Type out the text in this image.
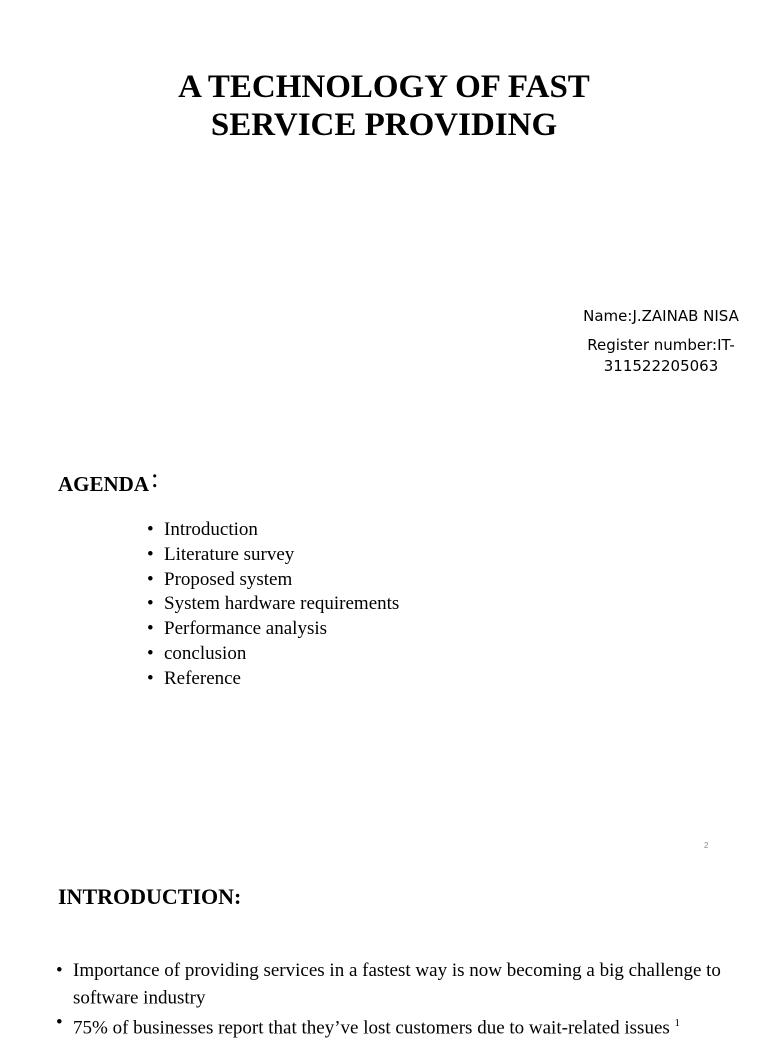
A TECHNOLOGY OF FAST
SERVICE PROVIDING
Name:J.ZAINAB NISA
Register number:IT-
311522205063
AGENDA:
• Introduction
• Literature survey
• Proposed system
• System hardware requirements
• Performance analysis
• conclusion
• Reference
2
INTRODUCTION:
• Importance of providing services in a fastest way is now becoming a big challenge to software industry
• 75% of businesses report that they’ve lost customers due to wait-related issues $^1$
